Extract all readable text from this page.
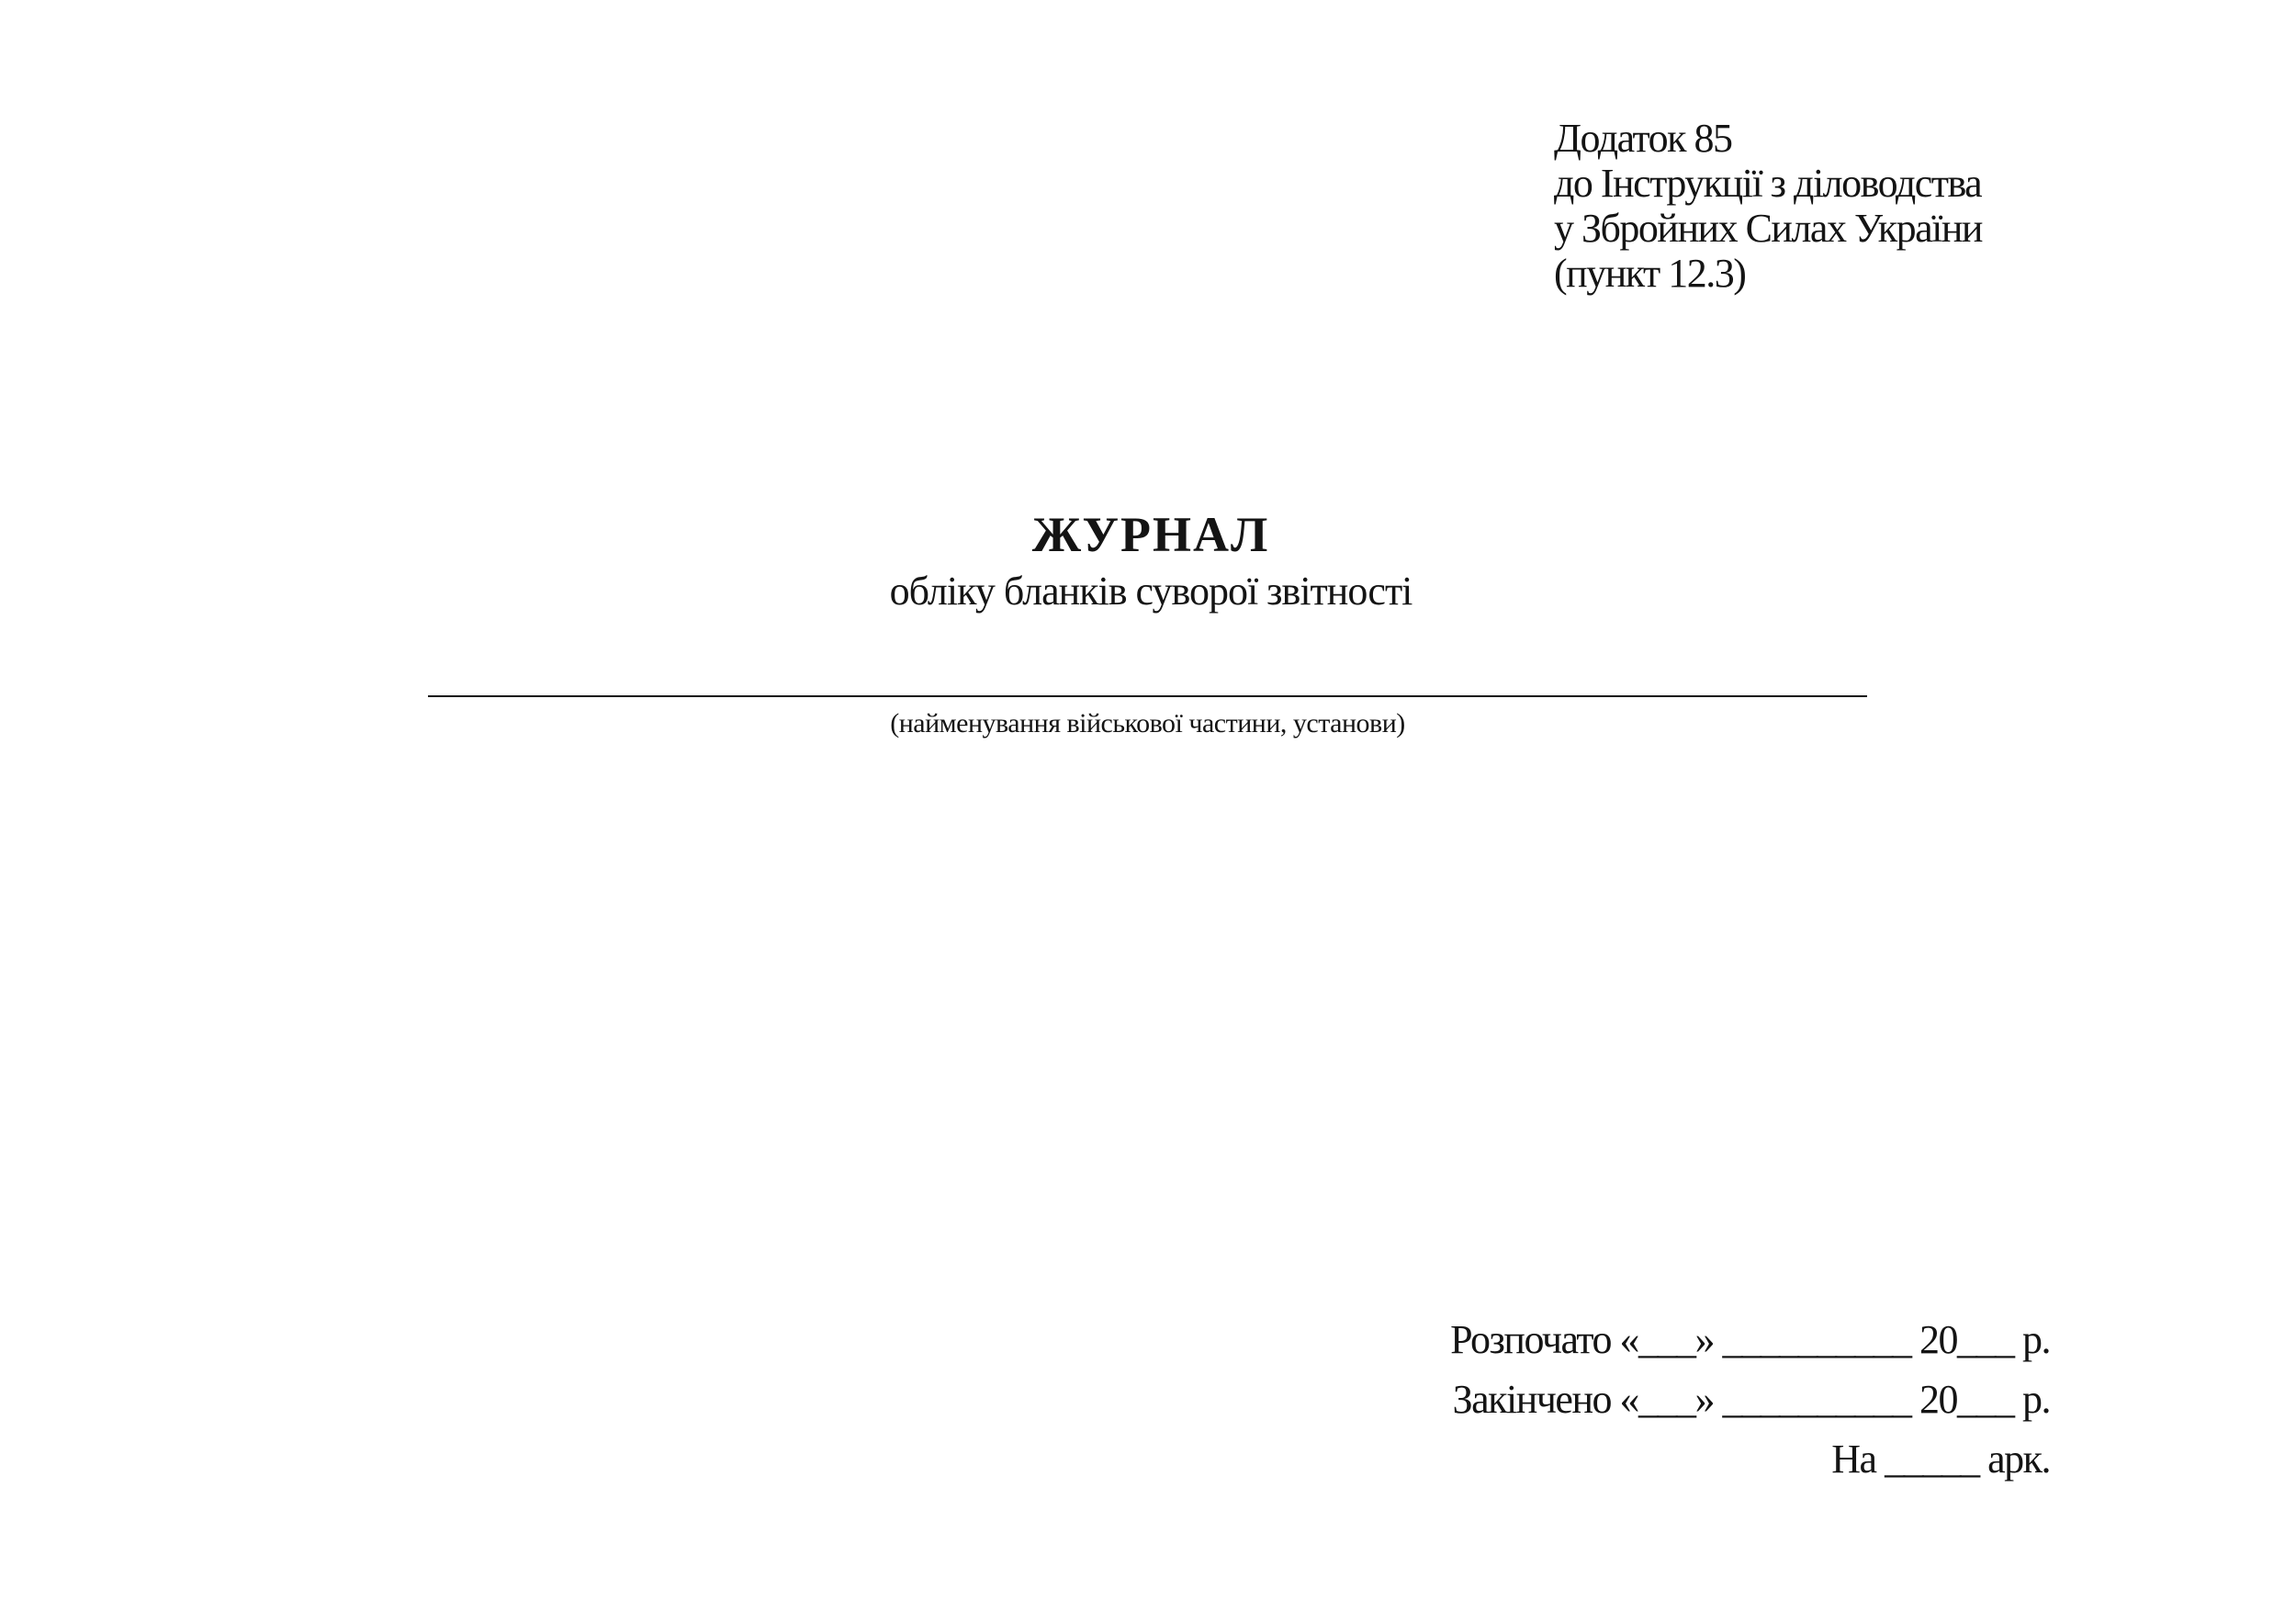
Додаток 85
до Інструкції з діловодства
у Збройних Силах України
(пункт 12.3)
ЖУРНАЛ
обліку бланків суворої звітності
(найменування військової частини, установи)
Розпочато «___» __________ 20___ р.
Закінчено «___» __________ 20___ р.
На _____ арк.
